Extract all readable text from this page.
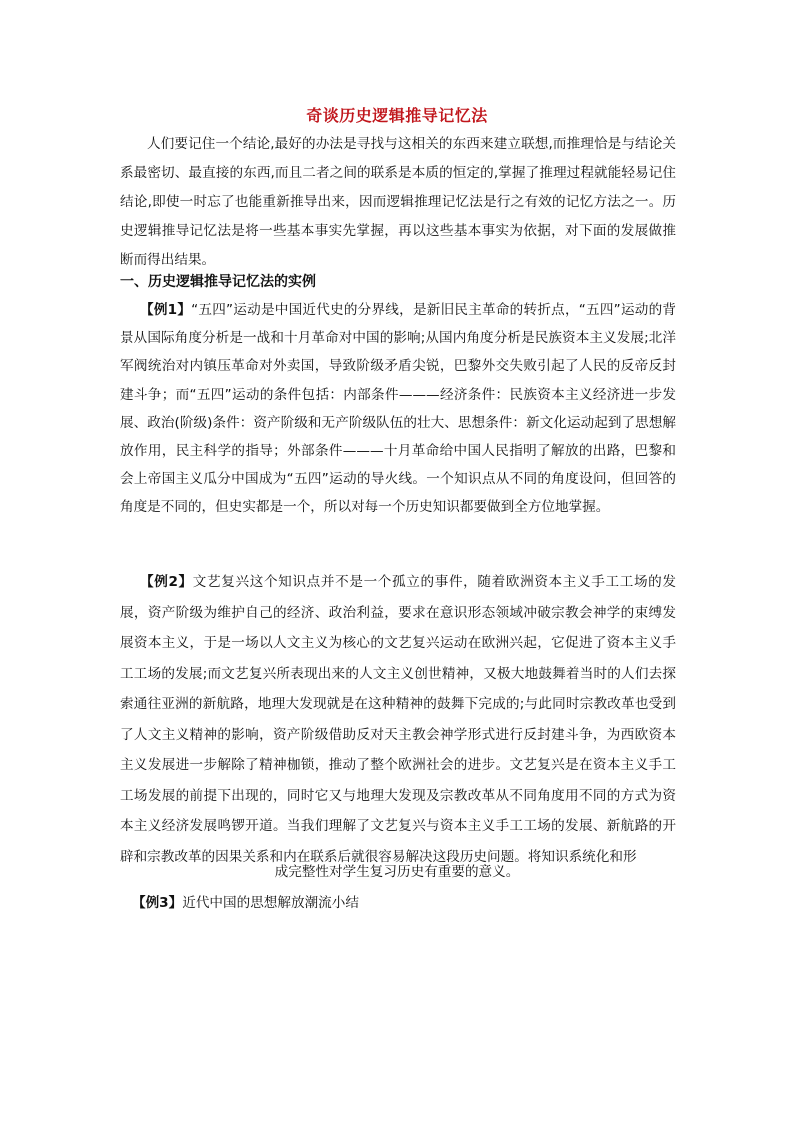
奇谈历史逻辑推导记忆法

人们要记住一个结论,最好的办法是寻找与这相关的东西来建立联想,而推理恰是与结论关系最密切、最直接的东西,而且二者之间的联系是本质的恒定的,掌握了推理过程就能轻易记住结论,即使一时忘了也能重新推导出来，因而逻辑推理记忆法是行之有效的记忆方法之一。历史逻辑推导记忆法是将一些基本事实先掌握，再以这些基本事实为依据，对下面的发展做推断而得出结果。

一、历史逻辑推导记忆法的实例

【例1】“五四”运动是中国近代史的分界线，是新旧民主革命的转折点，“五四”运动的背景从国际角度分析是一战和十月革命对中国的影响;从国内角度分析是民族资本主义发展;北洋军阀统治对内镇压革命对外卖国，导致阶级矛盾尖锐，巴黎外交失败引起了人民的反帝反封建斗争；而“五四”运动的条件包括：内部条件———经济条件：民族资本主义经济进一步发展、政治(阶级)条件：资产阶级和无产阶级队伍的壮大、思想条件：新文化运动起到了思想解放作用，民主科学的指导；外部条件———十月革命给中国人民指明了解放的出路，巴黎和会上帝国主义瓜分中国成为“五四”运动的导火线。一个知识点从不同的角度设问，但回答的角度是不同的，但史实都是一个，所以对每一个历史知识都要做到全方位地掌握。

【例2】文艺复兴这个知识点并不是一个孤立的事件，随着欧洲资本主义手工工场的发展，资产阶级为维护自己的经济、政治利益，要求在意识形态领域冲破宗教会神学的束缚发展资本主义，于是一场以人文主义为核心的文艺复兴运动在欧洲兴起，它促进了资本主义手工工场的发展;而文艺复兴所表现出来的人文主义创世精神，又极大地鼓舞着当时的人们去探索通往亚洲的新航路，地理大发现就是在这种精神的鼓舞下完成的;与此同时宗教改革也受到了人文主义精神的影响，资产阶级借助反对天主教会神学形式进行反封建斗争，为西欧资本主义发展进一步解除了精神枷锁，推动了整个欧洲社会的进步。文艺复兴是在资本主义手工工场发展的前提下出现的，同时它又与地理大发现及宗教改革从不同角度用不同的方式为资本主义经济发展鸣锣开道。当我们理解了文艺复兴与资本主义手工工场的发展、新航路的开辟和宗教改革的因果关系和内在联系后就很容易解决这段历史问题。将知识系统化和形

成完整性对学生复习历史有重要的意义。

【例3】近代中国的思想解放潮流小结
